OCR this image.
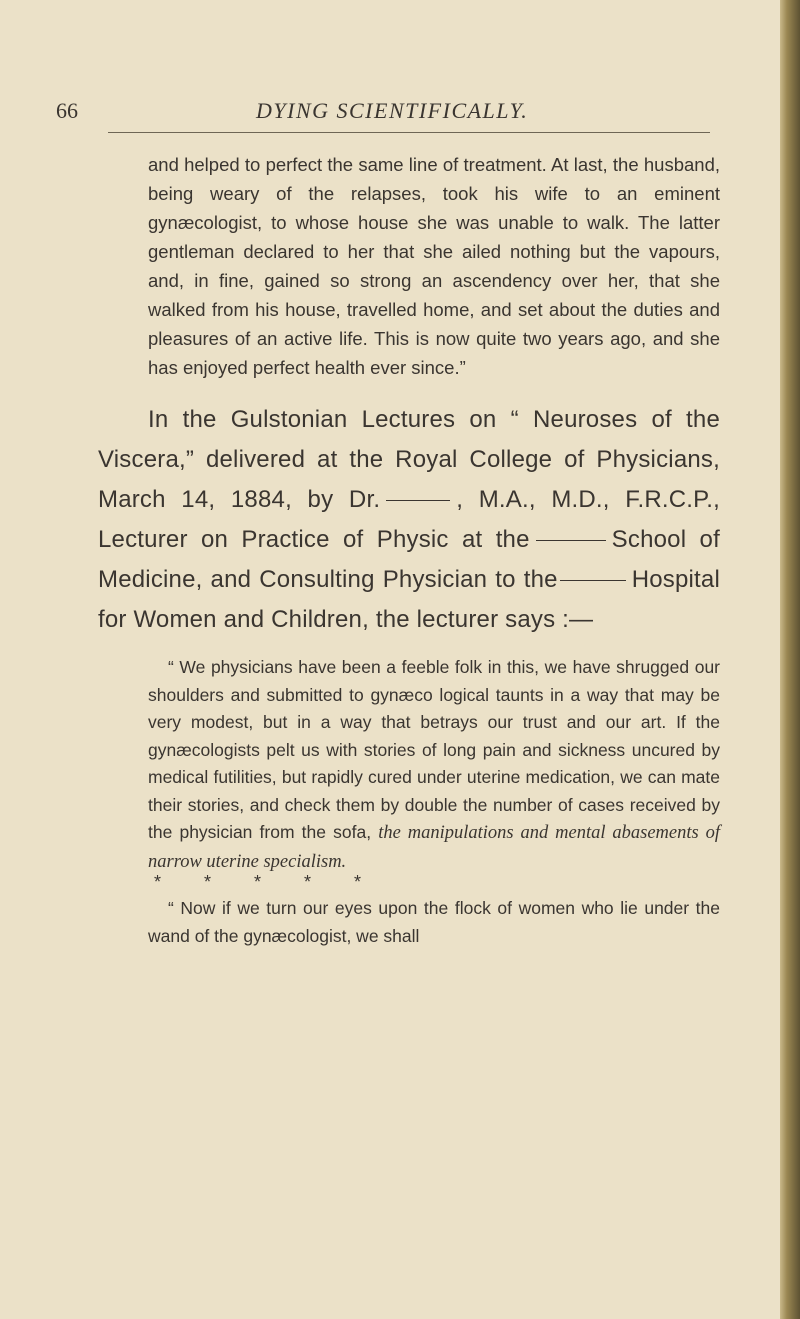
66	DYING SCIENTIFICALLY.

and helped to perfect the same line of treatment. At last, the husband, being weary of the relapses, took his wife to an eminent gynæcologist, to whose house she was unable to walk. The latter gentleman declared to her that she ailed nothing but the vapours, and, in fine, gained so strong an ascendency over her, that she walked from his house, travelled home, and set about the duties and pleasures of an active life. This is now quite two years ago, and she has enjoyed perfect health ever since.”

In the Gulstonian Lectures on “ Neuroses of the Viscera,” delivered at the Royal College of Physicians, March 14, 1884, by Dr.	, M.A., M.D., F.R.C.P., Lecturer on Practice of Physic at the	School of Medicine, and Consulting Physician to the	Hospital for Women and Children, the lecturer says :—

“ We physicians have been a feeble folk in this, we have shrugged our shoulders and submitted to gynæco logical taunts in a way that may be very modest, but in a way that betrays our trust and our art. If the gynæcologists pelt us with stories of long pain and sickness uncured by medical futilities, but rapidly cured under uterine medication, we can mate their stories, and check them by double the number of cases received by the physician from the sofa, the manipulations and mental abasements of narrow uterine specialism.

* * * * *

“ Now if we turn our eyes upon the flock of women who lie under the wand of the gynæcologist, we shall
